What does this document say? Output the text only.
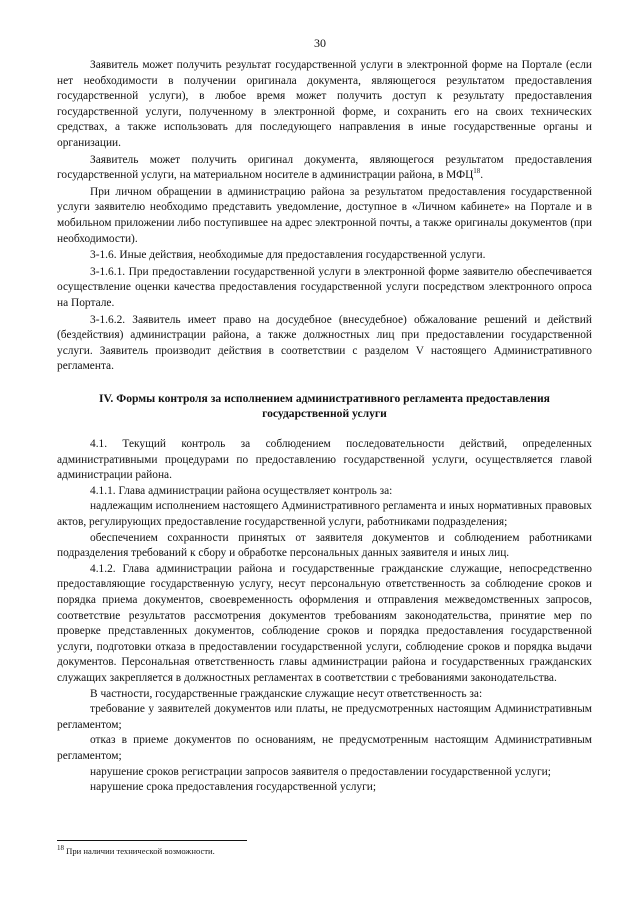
30

Заявитель может получить результат государственной услуги в электронной форме на Портале (если нет необходимости в получении оригинала документа, являющегося результатом предоставления государственной услуги), в любое время может получить доступ к результату предоставления государственной услуги, полученному в электронной форме, и сохранить его на своих технических средствах, а также использовать для последующего направления в иные государственные органы и организации.

Заявитель может получить оригинал документа, являющегося результатом предоставления государственной услуги, на материальном носителе в администрации района, в МФЦ$^{18}$.

При личном обращении в администрацию района за результатом предоставления государственной услуги заявителю необходимо представить уведомление, доступное в «Личном кабинете» на Портале и в мобильном приложении либо поступившее на адрес электронной почты, а также оригиналы документов (при необходимости).

3-1.6. Иные действия, необходимые для предоставления государственной услуги.

3-1.6.1. При предоставлении государственной услуги в электронной форме заявителю обеспечивается осуществление оценки качества предоставления государственной услуги посредством электронного опроса на Портале.

3-1.6.2. Заявитель имеет право на досудебное (внесудебное) обжалование решений и действий (бездействия) администрации района, а также должностных лиц при предоставлении государственной услуги. Заявитель производит действия в соответствии с разделом V настоящего Административного регламента.

IV. Формы контроля за исполнением административного регламента предоставления государственной услуги

4.1. Текущий контроль за соблюдением последовательности действий, определенных административными процедурами по предоставлению государственной услуги, осуществляется главой администрации района.

4.1.1. Глава администрации района осуществляет контроль за:

надлежащим исполнением настоящего Административного регламента и иных нормативных правовых актов, регулирующих предоставление государственной услуги, работниками подразделения;

обеспечением сохранности принятых от заявителя документов и соблюдением работниками подразделения требований к сбору и обработке персональных данных заявителя и иных лиц.

4.1.2. Глава администрации района и государственные гражданские служащие, непосредственно предоставляющие государственную услугу, несут персональную ответственность за соблюдение сроков и порядка приема документов, своевременность оформления и отправления межведомственных запросов, соответствие результатов рассмотрения документов требованиям законодательства, принятие мер по проверке представленных документов, соблюдение сроков и порядка предоставления государственной услуги, подготовки отказа в предоставлении государственной услуги, соблюдение сроков и порядка выдачи документов. Персональная ответственность главы администрации района и государственных гражданских служащих закрепляется в должностных регламентах в соответствии с требованиями законодательства.

В частности, государственные гражданские служащие несут ответственность за:

требование у заявителей документов или платы, не предусмотренных настоящим Административным регламентом;

отказ в приеме документов по основаниям, не предусмотренным настоящим Административным регламентом;

нарушение сроков регистрации запросов заявителя о предоставлении государственной услуги;

нарушение срока предоставления государственной услуги;

$^{18}$ При наличии технической возможности.
